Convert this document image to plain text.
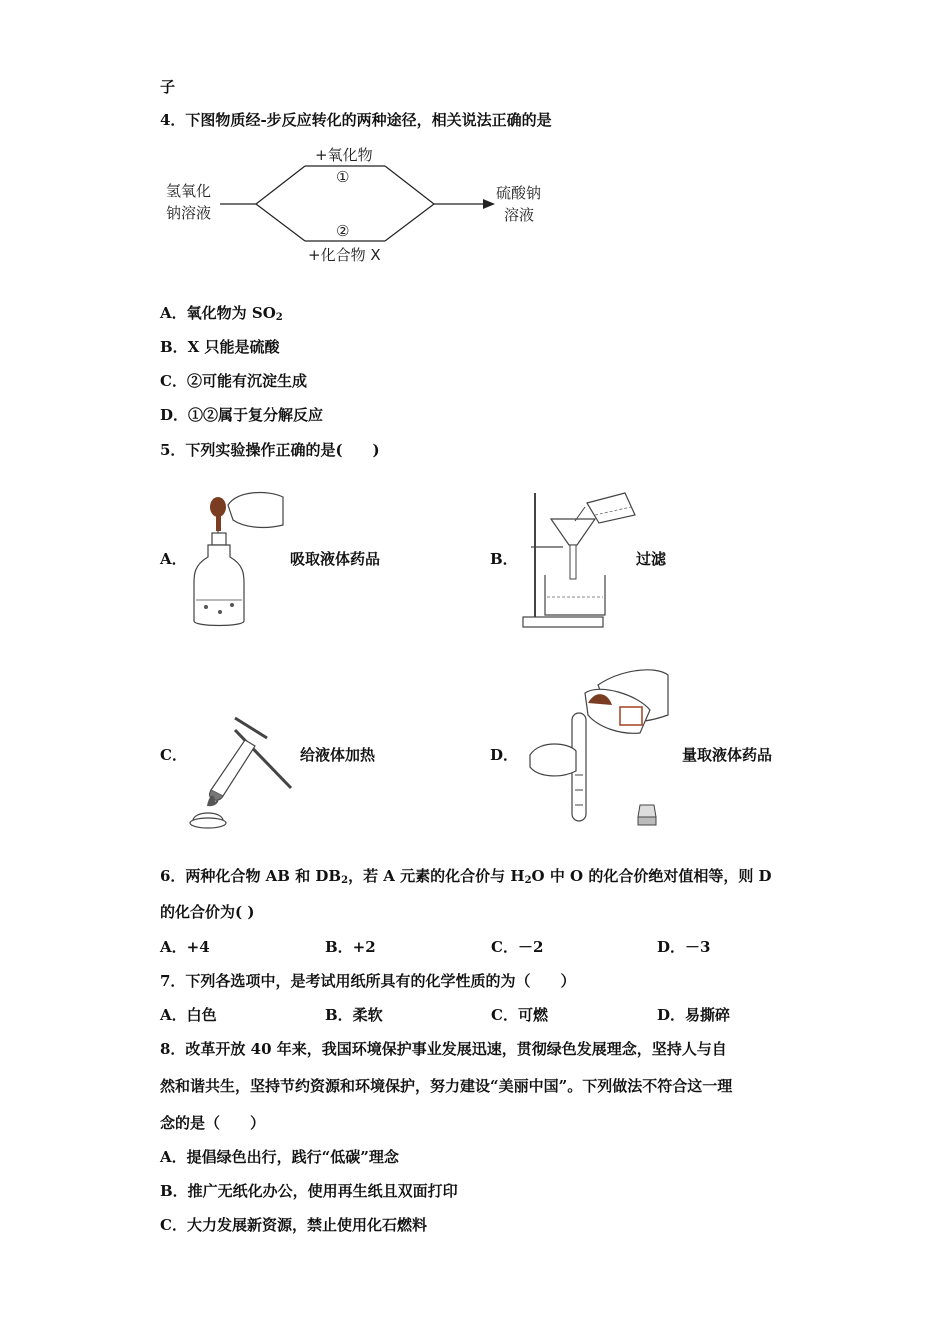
子
4．下图物质经-步反应转化的两种途径，相关说法正确的是
氢氧化
钠溶液
+氧化物
①
②
+化合物 X
硫酸钠
溶液
A．氧化物为 $SO_2$
B．X 只能是硫酸
C．②可能有沉淀生成
D．①②属于复分解反应
5．下列实验操作正确的是(　　)
A．	吸取液体药品	B．	过滤
C．	给液体加热	D．	量取液体药品
6．两种化合物 AB 和 $DB_2$，若 A 元素的化合价与 $H_2O$ 中 O 的化合价绝对值相等，则 D
的化合价为( )
A．+4	B．+2	C．－2	D．－3
7．下列各选项中，是考试用纸所具有的化学性质的为（　　）
A．白色	B．柔软	C．可燃	D．易撕碎
8．改革开放 40 年来，我国环境保护事业发展迅速，贯彻绿色发展理念，坚持人与自
然和谐共生，坚持节约资源和环境保护，努力建设“美丽中国”。下列做法不符合这一理
念的是（　　）
A．提倡绿色出行，践行“低碳”理念
B．推广无纸化办公，使用再生纸且双面打印
C．大力发展新资源，禁止使用化石燃料
